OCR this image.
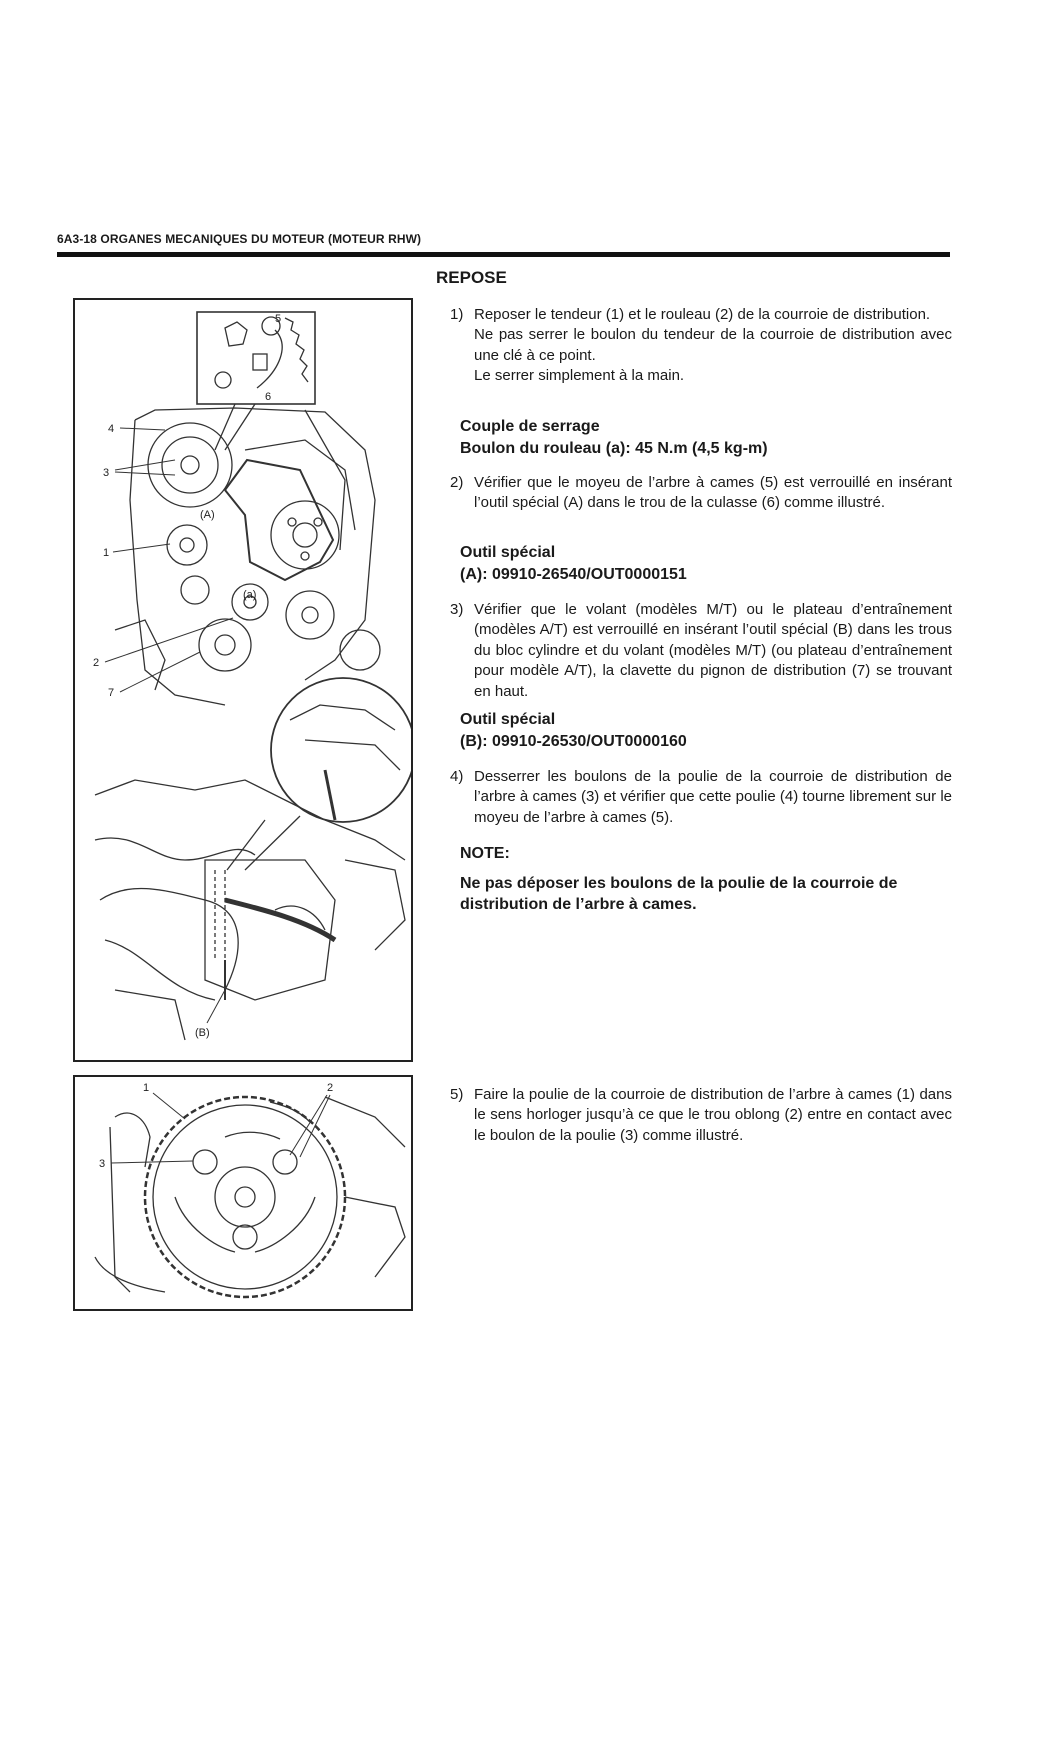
6A3-18 ORGANES MECANIQUES DU MOTEUR (MOTEUR RHW)
5
6
4
3
(A)
1
(a)
2
7
(B)
1	2
3
REPOSE
1) Reposer le tendeur (1) et le rouleau (2) de la courroie de distribution.

Ne pas serrer le boulon du tendeur de la courroie de distribution avec une clé à ce point.

Le serrer simplement à la main.

Couple de serrage

Boulon du rouleau (a): 45 N.m (4,5 kg-m)

2) Vérifier que le moyeu de l’arbre à cames (5) est verrouillé en insérant l’outil spécial (A) dans le trou de la culasse (6) comme illustré.

Outil spécial

(A): 09910-26540/OUT0000151

3) Vérifier que le volant (modèles M/T) ou le plateau d’entraînement (modèles A/T) est verrouillé en insérant l’outil spécial (B) dans les trous du bloc cylindre et du volant (modèles M/T) (ou plateau d’entraînement pour modèle A/T), la clavette du pignon de distribution (7) se trouvant en haut.

Outil spécial

(B): 09910-26530/OUT0000160

4) Desserrer les boulons de la poulie de la courroie de distribution de l’arbre à cames (3) et vérifier que cette poulie (4) tourne librement sur le moyeu de l’arbre à cames (5).

NOTE:
Ne pas déposer les boulons de la poulie de la courroie de distribution de l’arbre à cames.
5) Faire la poulie de la courroie de distribution de l’arbre à cames (1) dans le sens horloger jusqu’à ce que le trou oblong (2) entre en contact avec le boulon de la poulie (3) comme illustré.
